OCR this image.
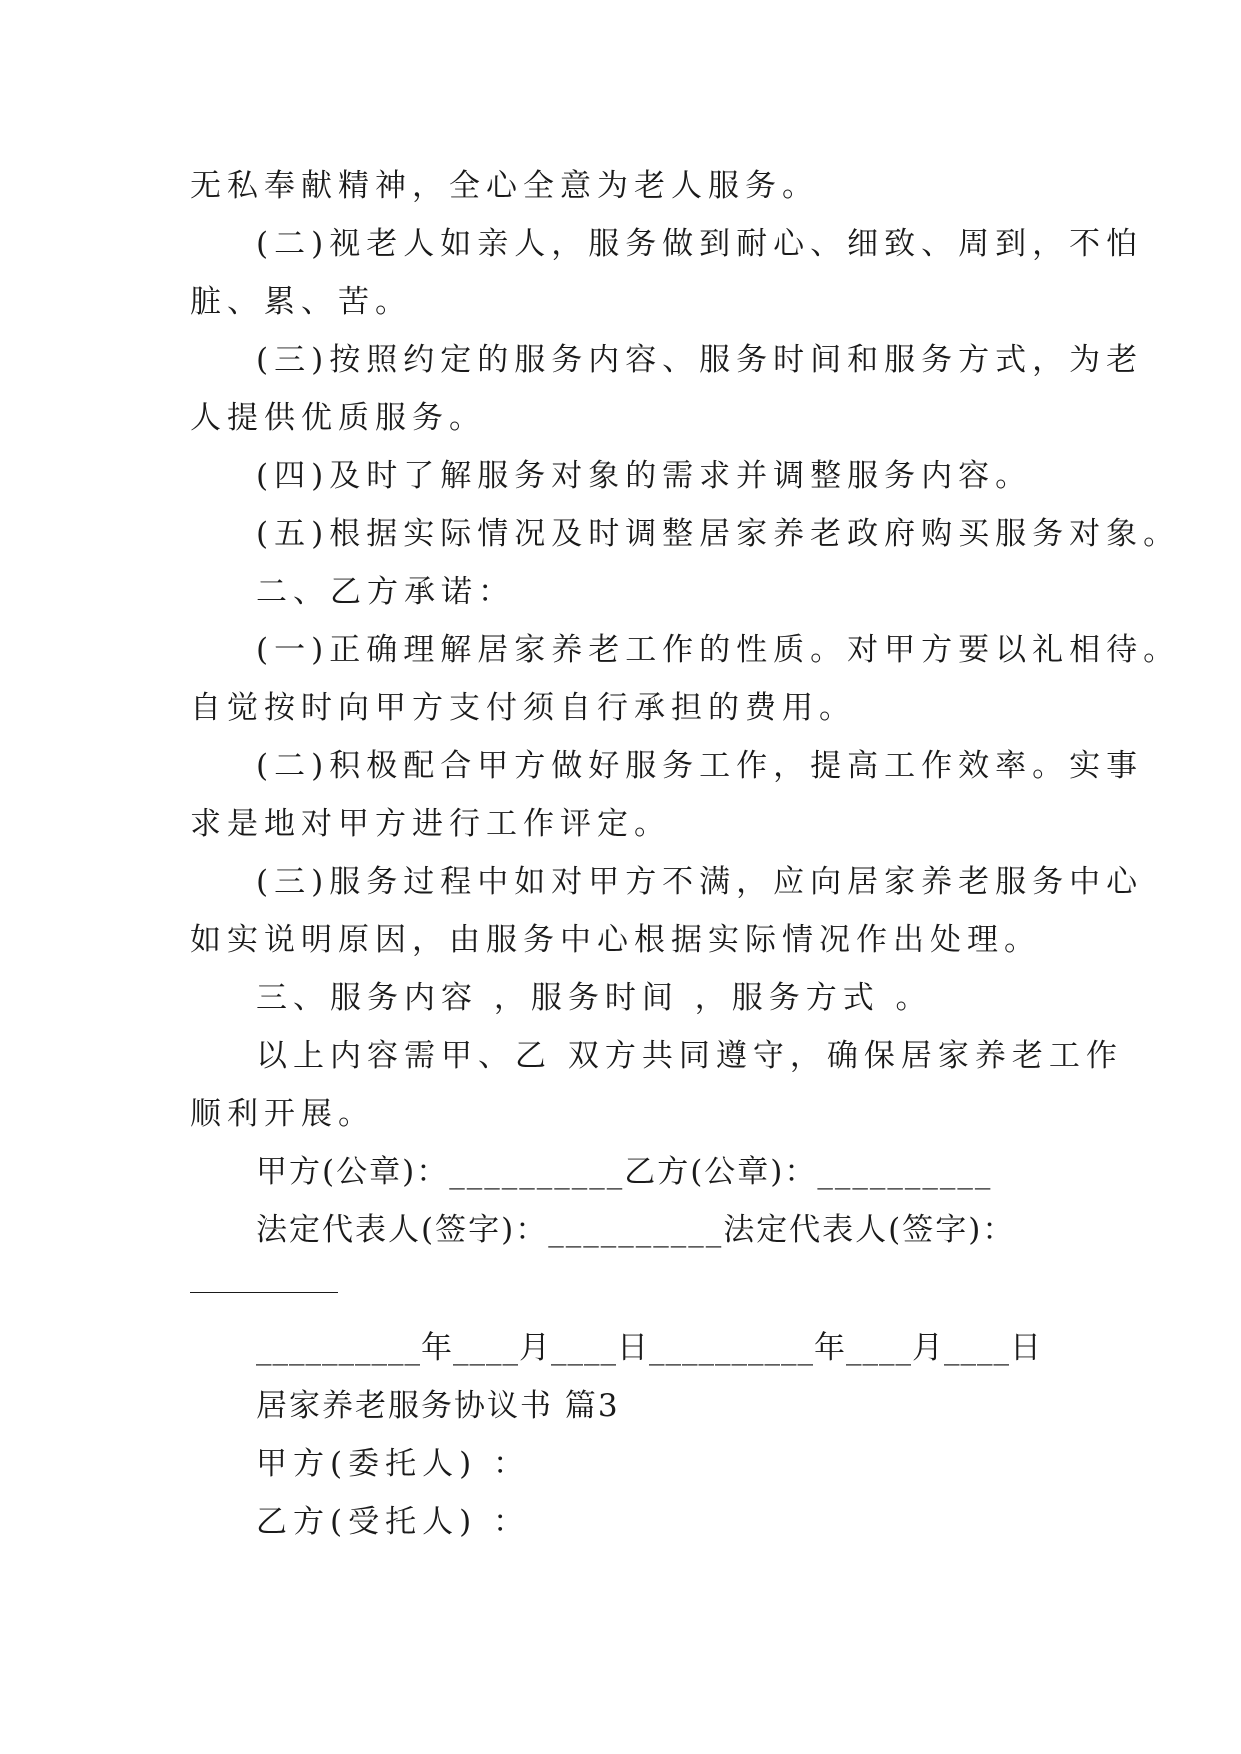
无私奉献精神，全心全意为老人服务。
(二)视老人如亲人，服务做到耐心、细致、周到，不怕
脏、累、苦。
(三)按照约定的服务内容、服务时间和服务方式，为老
人提供优质服务。
(四)及时了解服务对象的需求并调整服务内容。
(五)根据实际情况及时调整居家养老政府购买服务对象。
二、乙方承诺：
(一)正确理解居家养老工作的性质。对甲方要以礼相待。
自觉按时向甲方支付须自行承担的费用。
(二)积极配合甲方做好服务工作，提高工作效率。实事
求是地对甲方进行工作评定。
(三)服务过程中如对甲方不满，应向居家养老服务中心
如实说明原因，由服务中心根据实际情况作出处理。
三、服务内容 ，服务时间 ，服务方式 。
以上内容需甲、乙 双方共同遵守，确保居家养老工作
顺利开展。
甲方(公章)：__________乙方(公章)：__________
法定代表人(签字)：__________法定代表人(签字)：
__________年____月____日__________年____月____日
居家养老服务协议书 篇3
甲方(委托人) ：
乙方(受托人) ：
